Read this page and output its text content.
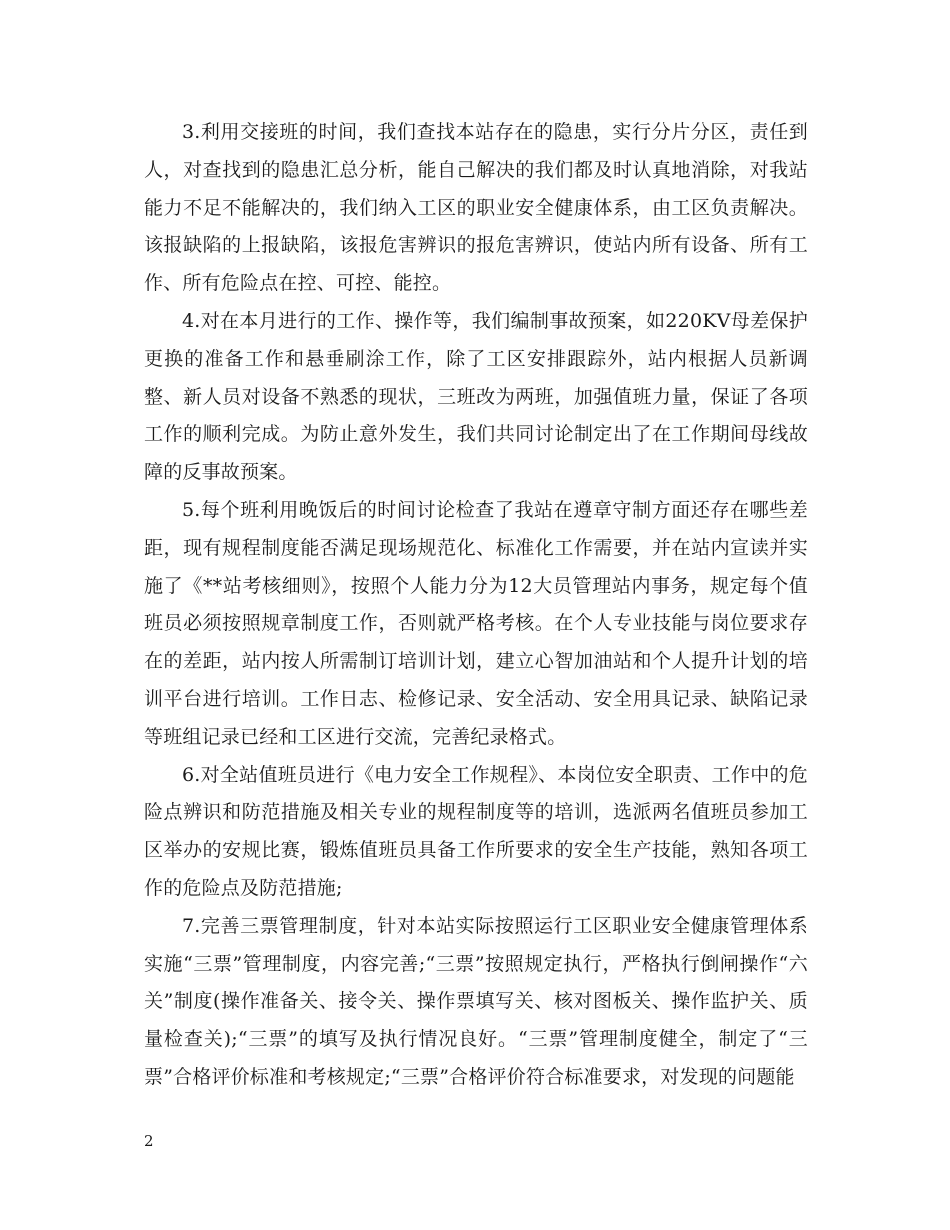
3.利用交接班的时间，我们查找本站存在的隐患，实行分片分区，责任到人，对查找到的隐患汇总分析，能自己解决的我们都及时认真地消除，对我站能力不足不能解决的，我们纳入工区的职业安全健康体系，由工区负责解决。该报缺陷的上报缺陷，该报危害辨识的报危害辨识，使站内所有设备、所有工作、所有危险点在控、可控、能控。

4.对在本月进行的工作、操作等，我们编制事故预案，如220KV母差保护更换的准备工作和悬垂刷涂工作，除了工区安排跟踪外，站内根据人员新调整、新人员对设备不熟悉的现状，三班改为两班，加强值班力量，保证了各项工作的顺利完成。为防止意外发生，我们共同讨论制定出了在工作期间母线故障的反事故预案。

5.每个班利用晚饭后的时间讨论检查了我站在遵章守制方面还存在哪些差距，现有规程制度能否满足现场规范化、标准化工作需要，并在站内宣读并实施了《**站考核细则》，按照个人能力分为12大员管理站内事务，规定每个值班员必须按照规章制度工作，否则就严格考核。在个人专业技能与岗位要求存在的差距，站内按人所需制订培训计划，建立心智加油站和个人提升计划的培训平台进行培训。工作日志、检修记录、安全活动、安全用具记录、缺陷记录等班组记录已经和工区进行交流，完善纪录格式。

6.对全站值班员进行《电力安全工作规程》、本岗位安全职责、工作中的危险点辨识和防范措施及相关专业的规程制度等的培训，选派两名值班员参加工区举办的安规比赛，锻炼值班员具备工作所要求的安全生产技能，熟知各项工作的危险点及防范措施;

7.完善三票管理制度，针对本站实际按照运行工区职业安全健康管理体系实施“三票”管理制度，内容完善;“三票”按照规定执行，严格执行倒闸操作“六关”制度(操作准备关、接令关、操作票填写关、核对图板关、操作监护关、质量检查关);“三票”的填写及执行情况良好。“三票”管理制度健全，制定了“三票”合格评价标准和考核规定;“三票”合格评价符合标准要求，对发现的问题能

2
